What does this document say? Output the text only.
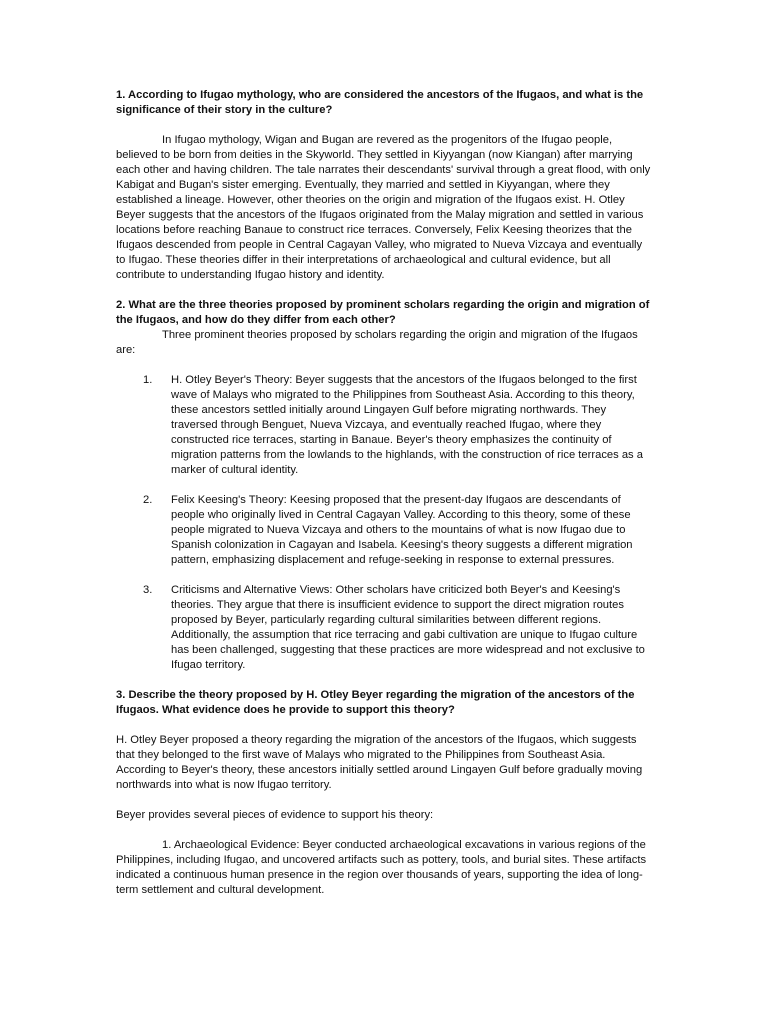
1. According to Ifugao mythology, who are considered the ancestors of the Ifugaos, and what is the significance of their story in the culture?

In Ifugao mythology, Wigan and Bugan are revered as the progenitors of the Ifugao people, believed to be born from deities in the Skyworld. They settled in Kiyyangan (now Kiangan) after marrying each other and having children. The tale narrates their descendants' survival through a great flood, with only Kabigat and Bugan's sister emerging. Eventually, they married and settled in Kiyyangan, where they established a lineage. However, other theories on the origin and migration of the Ifugaos exist. H. Otley Beyer suggests that the ancestors of the Ifugaos originated from the Malay migration and settled in various locations before reaching Banaue to construct rice terraces. Conversely, Felix Keesing theorizes that the Ifugaos descended from people in Central Cagayan Valley, who migrated to Nueva Vizcaya and eventually to Ifugao. These theories differ in their interpretations of archaeological and cultural evidence, but all contribute to understanding Ifugao history and identity.

2. What are the three theories proposed by prominent scholars regarding the origin and migration of the Ifugaos, and how do they differ from each other?

Three prominent theories proposed by scholars regarding the origin and migration of the Ifugaos are:

1. H. Otley Beyer's Theory: Beyer suggests that the ancestors of the Ifugaos belonged to the first wave of Malays who migrated to the Philippines from Southeast Asia. According to this theory, these ancestors settled initially around Lingayen Gulf before migrating northwards. They traversed through Benguet, Nueva Vizcaya, and eventually reached Ifugao, where they constructed rice terraces, starting in Banaue. Beyer's theory emphasizes the continuity of migration patterns from the lowlands to the highlands, with the construction of rice terraces as a marker of cultural identity.
2. Felix Keesing's Theory: Keesing proposed that the present-day Ifugaos are descendants of people who originally lived in Central Cagayan Valley. According to this theory, some of these people migrated to Nueva Vizcaya and others to the mountains of what is now Ifugao due to Spanish colonization in Cagayan and Isabela. Keesing's theory suggests a different migration pattern, emphasizing displacement and refuge-seeking in response to external pressures.
3. Criticisms and Alternative Views: Other scholars have criticized both Beyer's and Keesing's theories. They argue that there is insufficient evidence to support the direct migration routes proposed by Beyer, particularly regarding cultural similarities between different regions. Additionally, the assumption that rice terracing and gabi cultivation are unique to Ifugao culture has been challenged, suggesting that these practices are more widespread and not exclusive to Ifugao territory.

3. Describe the theory proposed by H. Otley Beyer regarding the migration of the ancestors of the Ifugaos. What evidence does he provide to support this theory?

H. Otley Beyer proposed a theory regarding the migration of the ancestors of the Ifugaos, which suggests that they belonged to the first wave of Malays who migrated to the Philippines from Southeast Asia. According to Beyer's theory, these ancestors initially settled around Lingayen Gulf before gradually moving northwards into what is now Ifugao territory.

Beyer provides several pieces of evidence to support his theory:

1. Archaeological Evidence: Beyer conducted archaeological excavations in various regions of the Philippines, including Ifugao, and uncovered artifacts such as pottery, tools, and burial sites. These artifacts indicated a continuous human presence in the region over thousands of years, supporting the idea of long-term settlement and cultural development.
